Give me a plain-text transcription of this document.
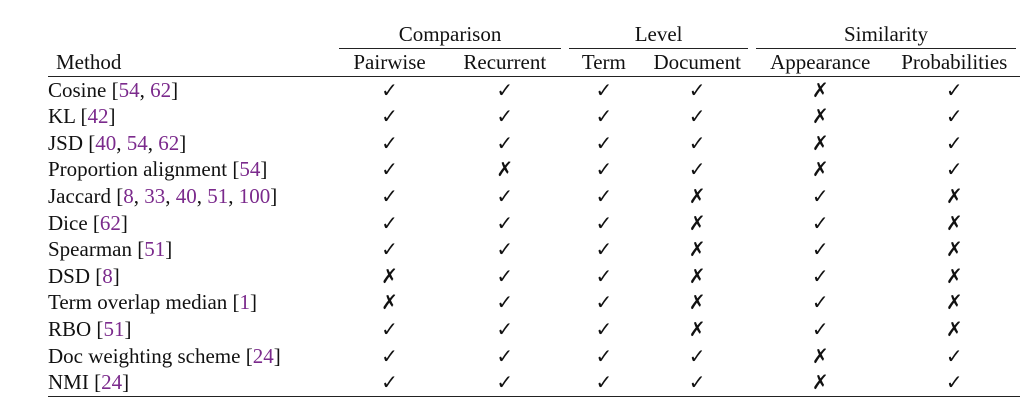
	Comparison		Level		Similarity	

Method	Pairwise	Recurrent	Term	Document	Appearance	Probabilities
Cosine [54, 62]	✓	✓	✓	✓	✗	✓
KL [42]	✓	✓	✓	✓	✗	✓
JSD [40, 54, 62]	✓	✓	✓	✓	✗	✓
Proportion alignment [54]	✓	✗	✓	✓	✗	✓
Jaccard [8, 33, 40, 51, 100]	✓	✓	✓	✗	✓	✗
Dice [62]	✓	✓	✓	✗	✓	✗
Spearman [51]	✓	✓	✓	✗	✓	✗
DSD [8]	✗	✓	✓	✗	✓	✗
Term overlap median [1]	✗	✓	✓	✗	✓	✗
RBO [51]	✓	✓	✓	✗	✓	✗
Doc weighting scheme [24]	✓	✓	✓	✓	✗	✓
NMI [24]	✓	✓	✓	✓	✗	✓
